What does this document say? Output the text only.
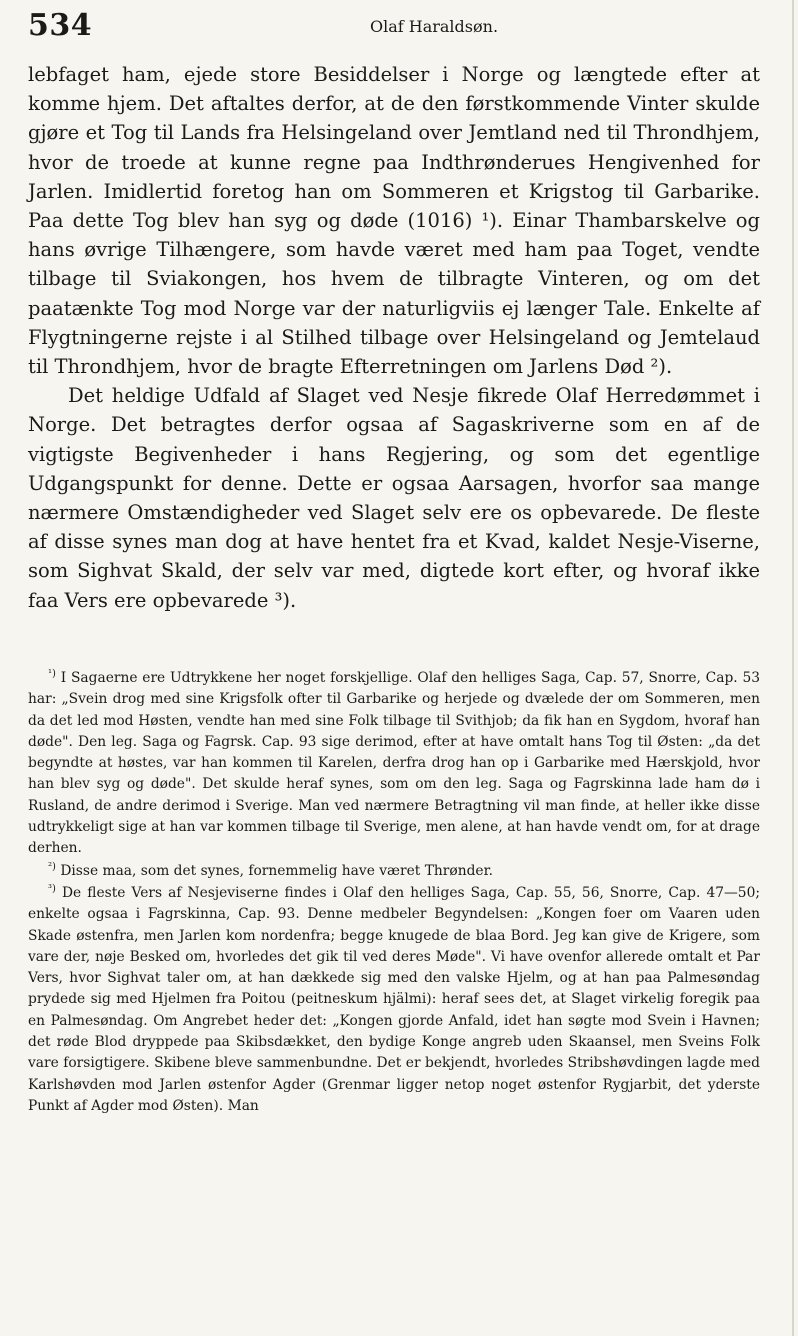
534	Olaf Haraldsøn.

lebfaget ham, ejede store Besiddelser i Norge og længtede efter at komme hjem. Det aftaltes derfor, at de den førstkommende Vinter skulde gjøre et Tog til Lands fra Helsingeland over Jemtland ned til Throndhjem, hvor de troede at kunne regne paa Indthrønderues Hengivenhed for Jarlen. Imidlertid foretog han om Sommeren et Krigstog til Garbarike. Paa dette Tog blev han syg og døde (1016) ¹). Einar Thambarskelve og hans øvrige Tilhængere, som havde været med ham paa Toget, vendte tilbage til Sviakongen, hos hvem de tilbragte Vinteren, og om det paatænkte Tog mod Norge var der naturligviis ej længer Tale. Enkelte af Flygtningerne rejste i al Stilhed tilbage over Helsingeland og Jemtelaud til Throndhjem, hvor de bragte Efterretningen om Jarlens Død ²).

Det heldige Udfald af Slaget ved Nesje fikrede Olaf Herredømmet i Norge. Det betragtes derfor ogsaa af Sagaskriverne som en af de vigtigste Begivenheder i hans Regjering, og som det egentlige Udgangspunkt for denne. Dette er ogsaa Aarsagen, hvorfor saa mange nærmere Omstændigheder ved Slaget selv ere os opbevarede. De fleste af disse synes man dog at have hentet fra et Kvad, kaldet Nesje-Viserne, som Sighvat Skald, der selv var med, digtede kort efter, og hvoraf ikke faa Vers ere opbevarede ³).

$^{^1)}$ I Sagaerne ere Udtrykkene her noget forskjellige. Olaf den helliges Saga, Cap. 57, Snorre, Cap. 53 har: „Svein drog med sine Krigsfolk ofter til Garbarike og herjede og dvælede der om Sommeren, men da det led mod Høsten, vendte han med sine Folk tilbage til Svithjob; da fik han en Sygdom, hvoraf han døde". Den leg. Saga og Fagrsk. Cap. 93 sige derimod, efter at have omtalt hans Tog til Østen: „da det begyndte at høstes, var han kommen til Karelen, derfra drog han op i Garbarike med Hærskjold, hvor han blev syg og døde". Det skulde heraf synes, som om den leg. Saga og Fagrskinna lade ham dø i Rusland, de andre derimod i Sverige. Man ved nærmere Betragtning vil man finde, at heller ikke disse udtrykkeligt sige at han var kommen tilbage til Sverige, men alene, at han havde vendt om, for at drage derhen.

$^{^2)}$ Disse maa, som det synes, fornemmelig have været Thrønder.

$^{^3)}$ De fleste Vers af Nesjeviserne findes i Olaf den helliges Saga, Cap. 55, 56, Snorre, Cap. 47—50; enkelte ogsaa i Fagrskinna, Cap. 93. Denne medbeler Begyndelsen: „Kongen foer om Vaaren uden Skade østenfra, men Jarlen kom nordenfra; begge knugede de blaa Bord. Jeg kan give de Krigere, som vare der, nøje Besked om, hvorledes det gik til ved deres Møde". Vi have ovenfor allerede omtalt et Par Vers, hvor Sighvat taler om, at han dækkede sig med den valske Hjelm, og at han paa Palmesøndag prydede sig med Hjelmen fra Poitou (peitneskum hjälmi): heraf sees det, at Slaget virkelig foregik paa en Palmesøndag. Om Angrebet heder det: „Kongen gjorde Anfald, idet han søgte mod Svein i Havnen; det røde Blod dryppede paa Skibsdækket, den bydige Konge angreb uden Skaansel, men Sveins Folk vare forsigtigere. Skibene bleve sammenbundne. Det er bekjendt, hvorledes Stribshøvdingen lagde med Karlshøvden mod Jarlen østenfor Agder (Grenmar ligger netop noget østenfor Rygjarbit, det yderste Punkt af Agder mod Østen). Man
